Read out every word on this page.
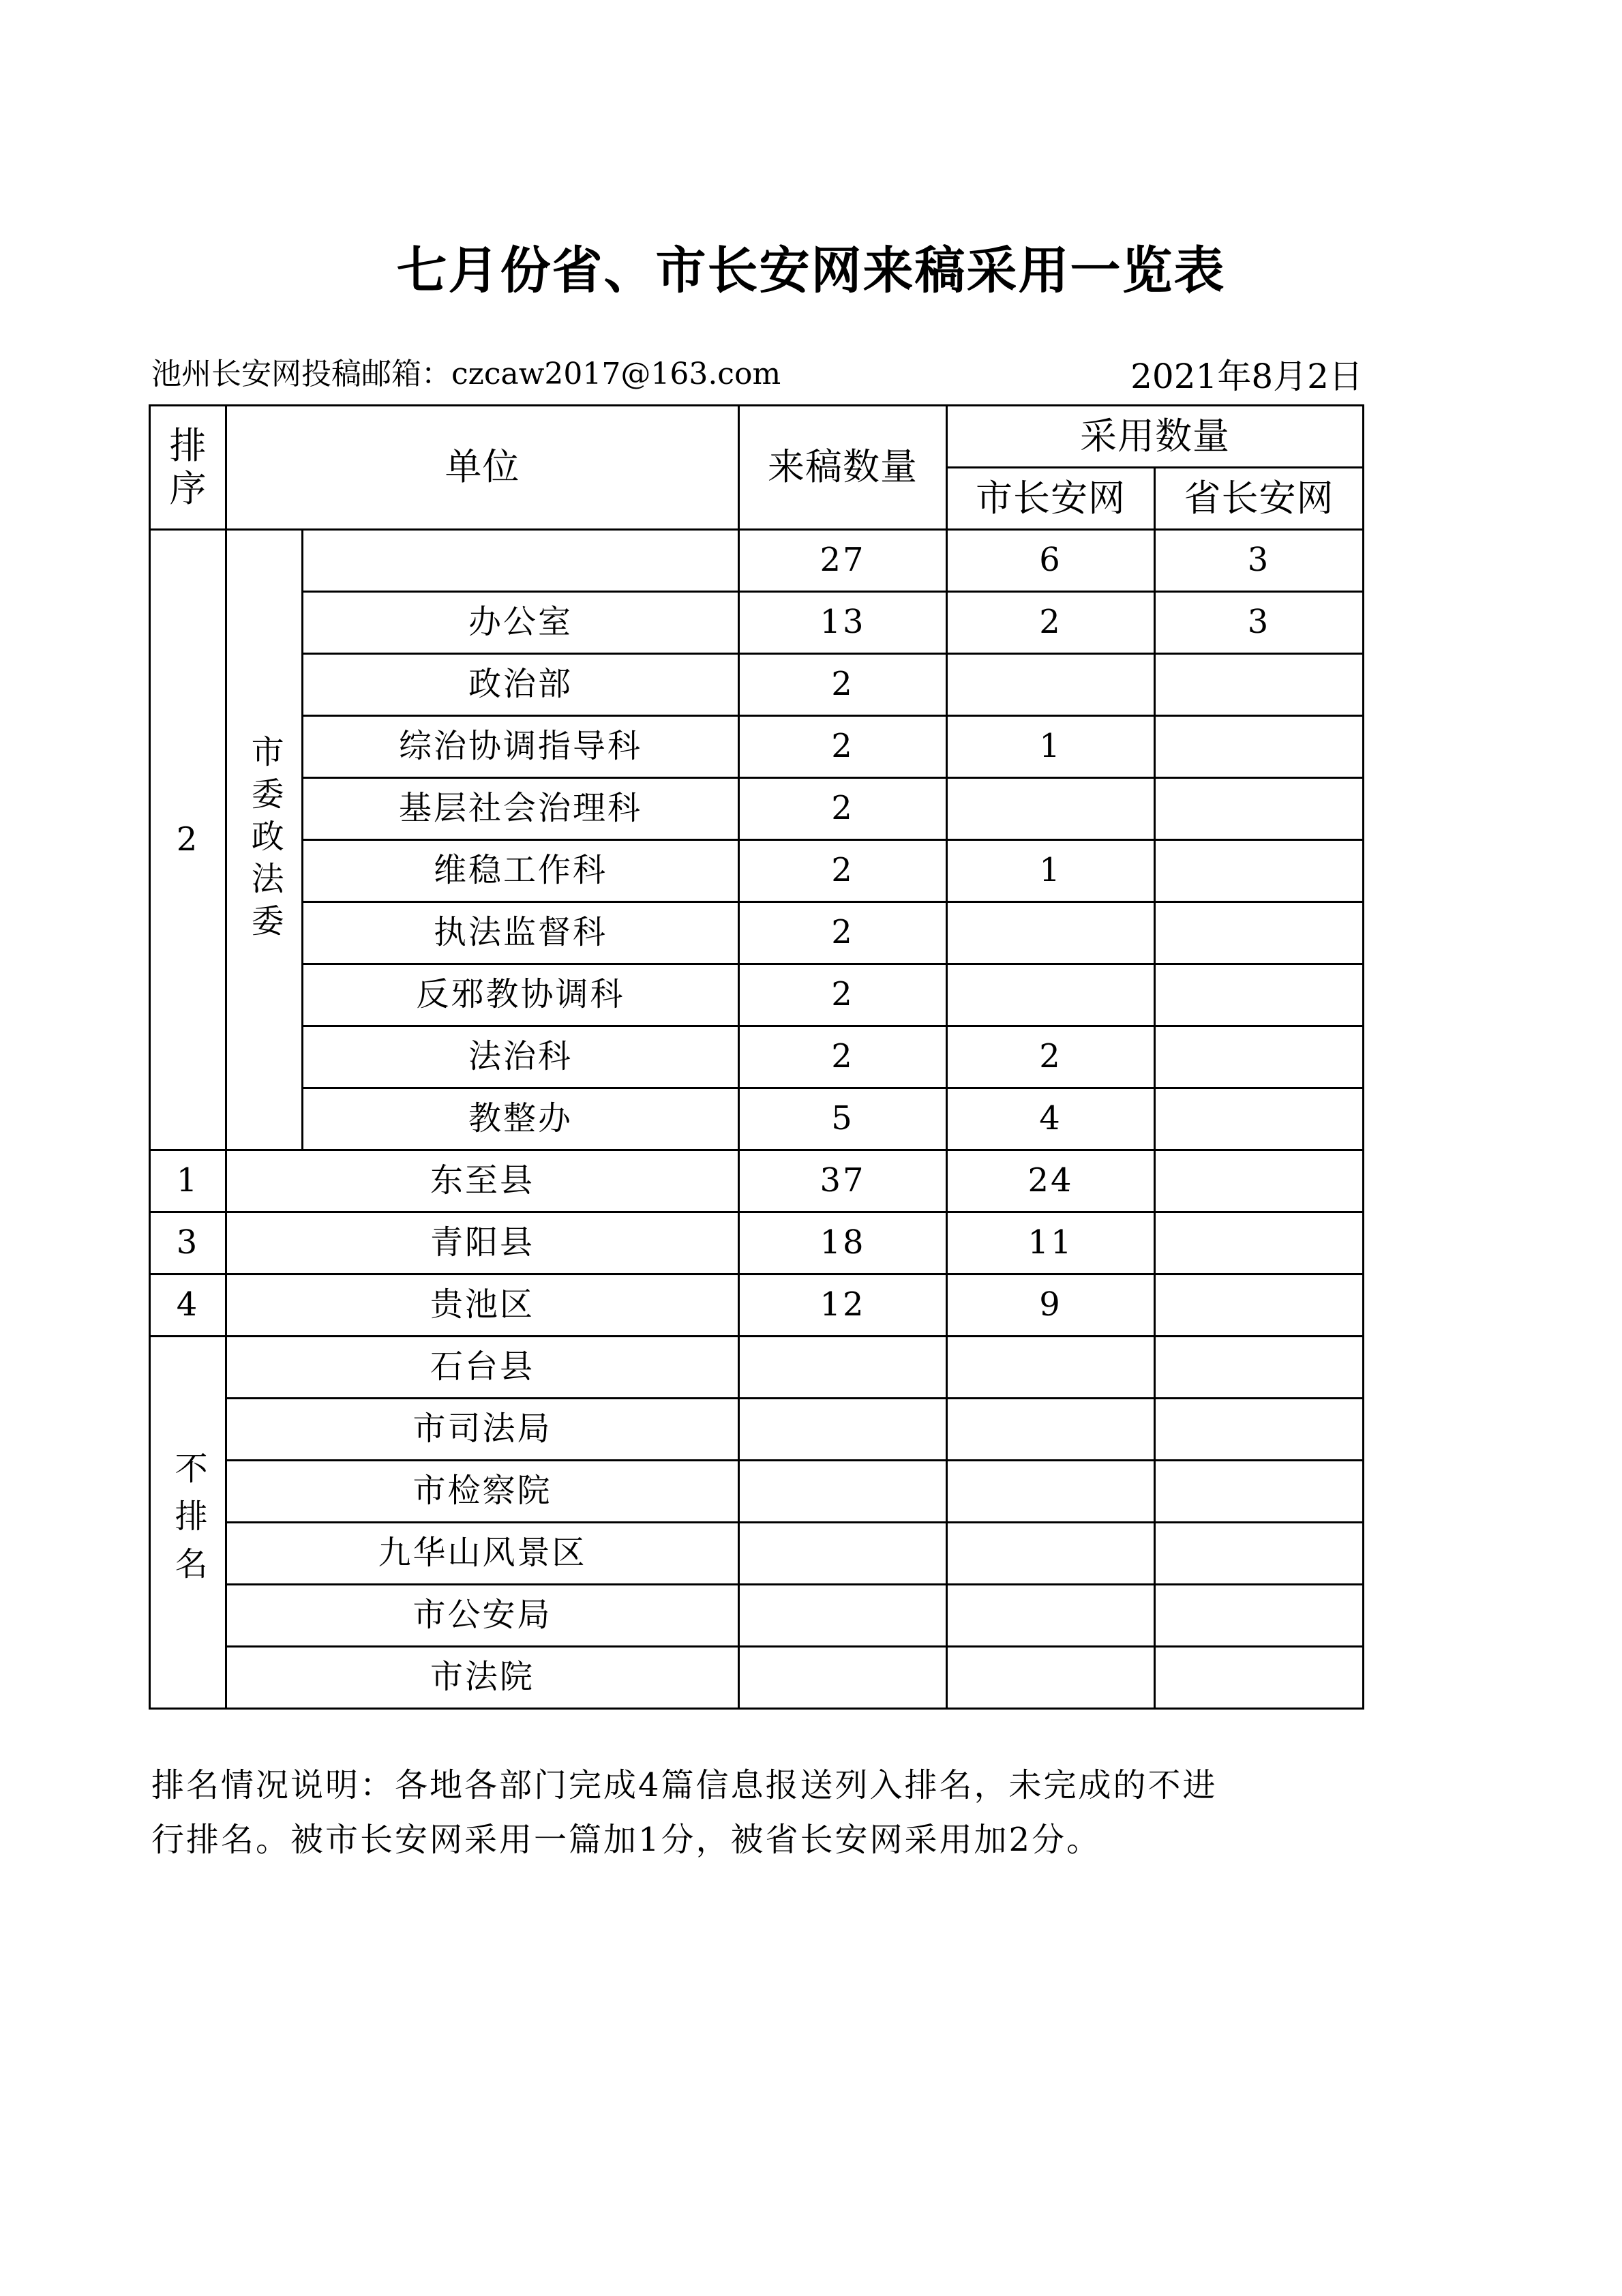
七月份省、市长安网来稿采用一览表
池州长安网投稿邮箱：czcaw2017@163.com	2021年8月2日
排序	单位		来稿数量	采用数量	
				市长安网	省长安网
2	市委政法委		27	6	3
		办公室	13	2	3
		政治部	2		
		综治协调指导科	2	1	
		基层社会治理科	2		
		维稳工作科	2	1	
		执法监督科	2		
		反邪教协调科	2		
		法治科	2	2	
		教整办	5	4	
1	东至县		37	24	
3	青阳县		18	11	
4	贵池区		12	9	
不排名	石台县				
	市司法局				
	市检察院				
	九华山风景区				
	市公安局				
	市法院				

排名情况说明：各地各部门完成4篇信息报送列入排名，未完成的不进

行排名。被市长安网采用一篇加1分，被省长安网采用加2分。
